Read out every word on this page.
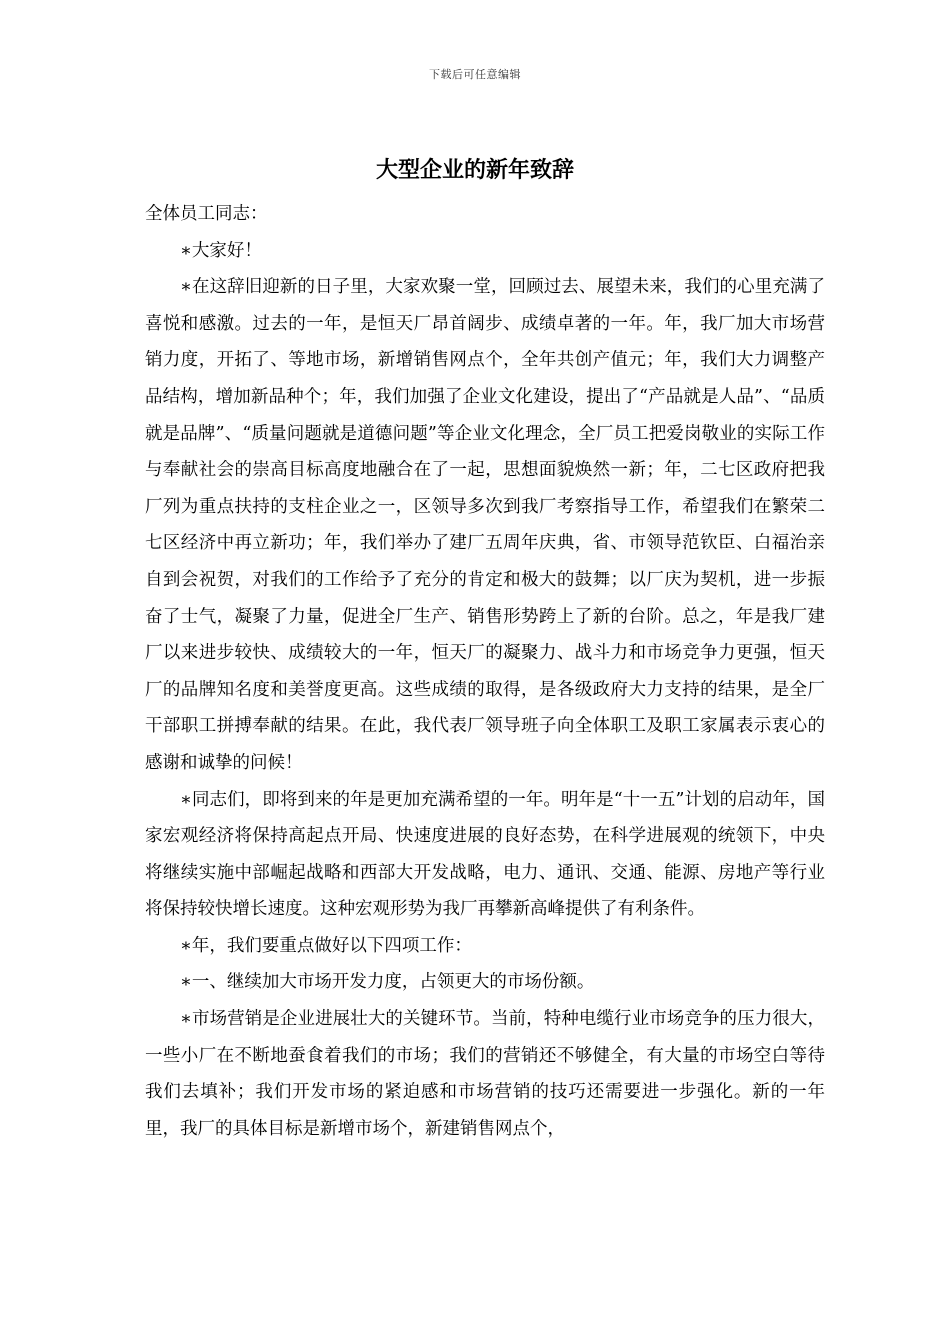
下载后可任意编辑
大型企业的新年致辞

全体员工同志：

∗大家好！

∗在这辞旧迎新的日子里，大家欢聚一堂，回顾过去、展望未来，我们的心里充满了喜悦和感激。过去的一年，是恒天厂昂首阔步、成绩卓著的一年。年，我厂加大市场营销力度，开拓了、等地市场，新增销售网点个，全年共创产值元；年，我们大力调整产品结构，增加新品种个；年，我们加强了企业文化建设，提出了“产品就是人品”、“品质就是品牌”、“质量问题就是道德问题”等企业文化理念，全厂员工把爱岗敬业的实际工作与奉献社会的崇高目标高度地融合在了一起，思想面貌焕然一新；年，二七区政府把我厂列为重点扶持的支柱企业之一，区领导多次到我厂考察指导工作，希望我们在繁荣二七区经济中再立新功；年，我们举办了建厂五周年庆典，省、市领导范钦臣、白福治亲自到会祝贺，对我们的工作给予了充分的肯定和极大的鼓舞；以厂庆为契机，进一步振奋了士气，凝聚了力量，促进全厂生产、销售形势跨上了新的台阶。总之，年是我厂建厂以来进步较快、成绩较大的一年，恒天厂的凝聚力、战斗力和市场竞争力更强，恒天厂的品牌知名度和美誉度更高。这些成绩的取得，是各级政府大力支持的结果，是全厂干部职工拼搏奉献的结果。在此，我代表厂领导班子向全体职工及职工家属表示衷心的感谢和诚挚的问候！

∗同志们，即将到来的年是更加充满希望的一年。明年是“十一五”计划的启动年，国家宏观经济将保持高起点开局、快速度进展的良好态势，在科学进展观的统领下，中央将继续实施中部崛起战略和西部大开发战略，电力、通讯、交通、能源、房地产等行业将保持较快增长速度。这种宏观形势为我厂再攀新高峰提供了有利条件。

∗年，我们要重点做好以下四项工作：

∗一、继续加大市场开发力度，占领更大的市场份额。

∗市场营销是企业进展壮大的关键环节。当前，特种电缆行业市场竞争的压力很大，一些小厂在不断地蚕食着我们的市场；我们的营销还不够健全，有大量的市场空白等待我们去填补；我们开发市场的紧迫感和市场营销的技巧还需要进一步强化。新的一年里，我厂的具体目标是新增市场个，新建销售网点个，
